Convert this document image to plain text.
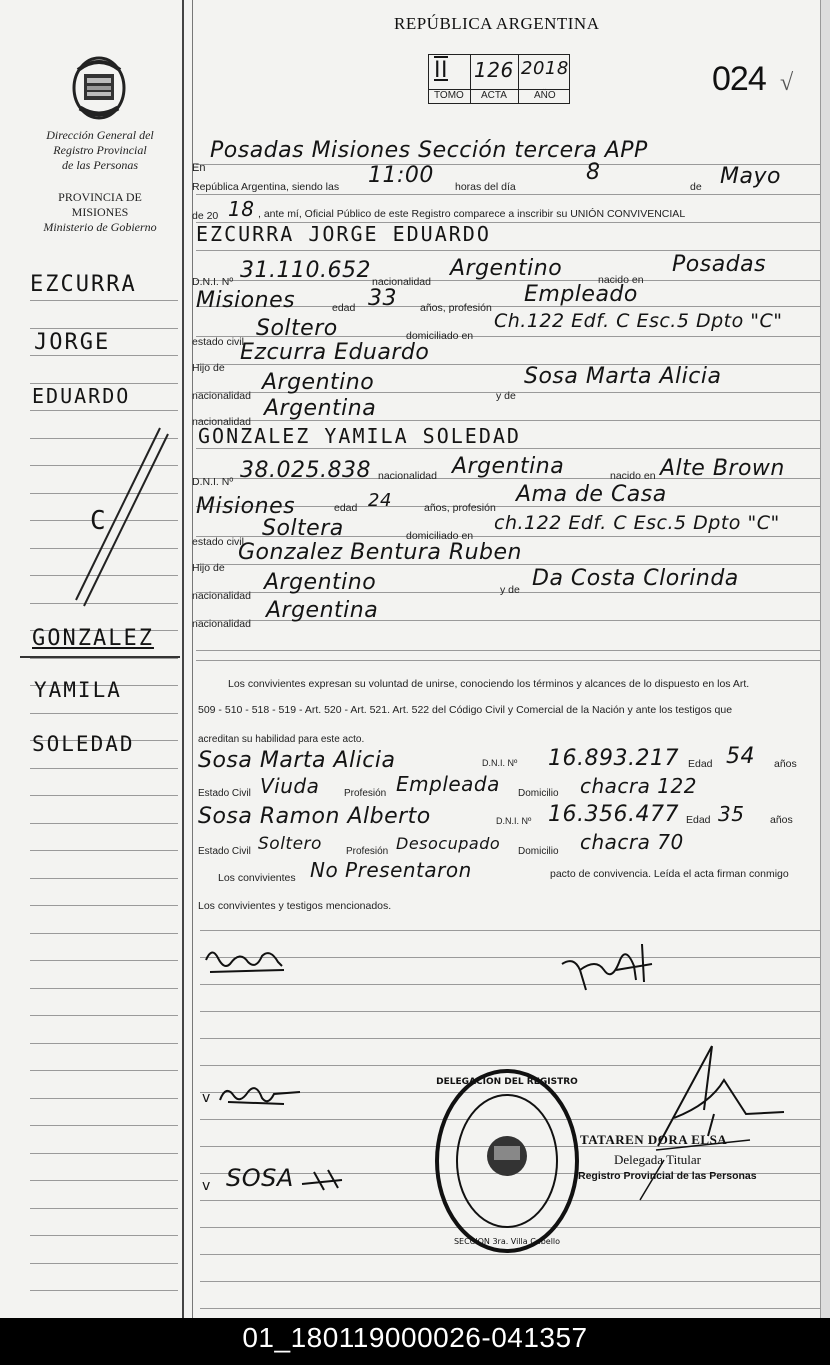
REPÚBLICA ARGENTINA
II 126 2018
TOMO ACTA	AÑO	024 √
Dirección General del
Registro Provincial
de las Personas
PROVINCIA DE
MISIONES
Ministerio de Gobierno
EZCURRA
JORGE
EDUARDO
C
GONZALEZ
YAMILA
SOLEDAD
En
Posadas Misiones Sección tercera APP
República Argentina, siendo las 11:00 horas del día
8
de Mayo
de 20 18 , ante mí, Oficial Público de este Registro comparece a inscribir su UNIÓN CONVIVENCIAL
EZCURRA JORGE EDUARDO
D.N.I. Nº 31.110.652 nacionalidad
Argentino	nacido en
Posadas
Misiones	edad 33 años, profesión
Empleado
estado civil
Soltero	domiciliado en
Ch.122 Edf. C Esc.5 Dpto "C"
Hijo de
Ezcurra Eduardo
nacionalidad
Argentino
y de
Sosa Marta Alicia
nacionalidad
Argentina
GONZALEZ YAMILA SOLEDAD
D.N.I. Nº 38.025.838 nacionalidad Argentina	nacido en Alte Brown
Misiones	edad 24	años, profesión
Ama de Casa
estado civil
Soltera	domiciliado en
ch.122 Edf. C Esc.5 Dpto "C"
Hijo de
Gonzalez Bentura Ruben
nacionalidad
Argentino	y de Da Costa Clorinda
nacionalidad
Argentina
Los convivientes expresan su voluntad de unirse, conociendo los términos y alcances de lo dispuesto en los Art.
509 - 510 - 518 - 519 - Art. 520 - Art. 521. Art. 522 del Código Civil y Comercial de la Nación y ante los testigos que
acreditan su habilidad para este acto.
Sosa Marta Alicia	D.N.I. Nº 16.893.217 Edad 54 años
Estado Civil Viuda Profesión Empleada Domicilio chacra 122
Sosa Ramon Alberto	D.N.I. Nº 16.356.477 Edad 35 años
Estado Civil Soltero Profesión Desocupado Domicilio chacra 70
Los convivientes No Presentaron	pacto de convivencia. Leída el acta firman conmigo
Los convivientes y testigos mencionados.
v
v SOSA
DELEGACION DEL REGISTRO
SECCION 3ra. Villa Cabello
TATAREN DORA ELSA
Delegada Titular
Registro Provincial de las Personas
01_180119000026-041357
